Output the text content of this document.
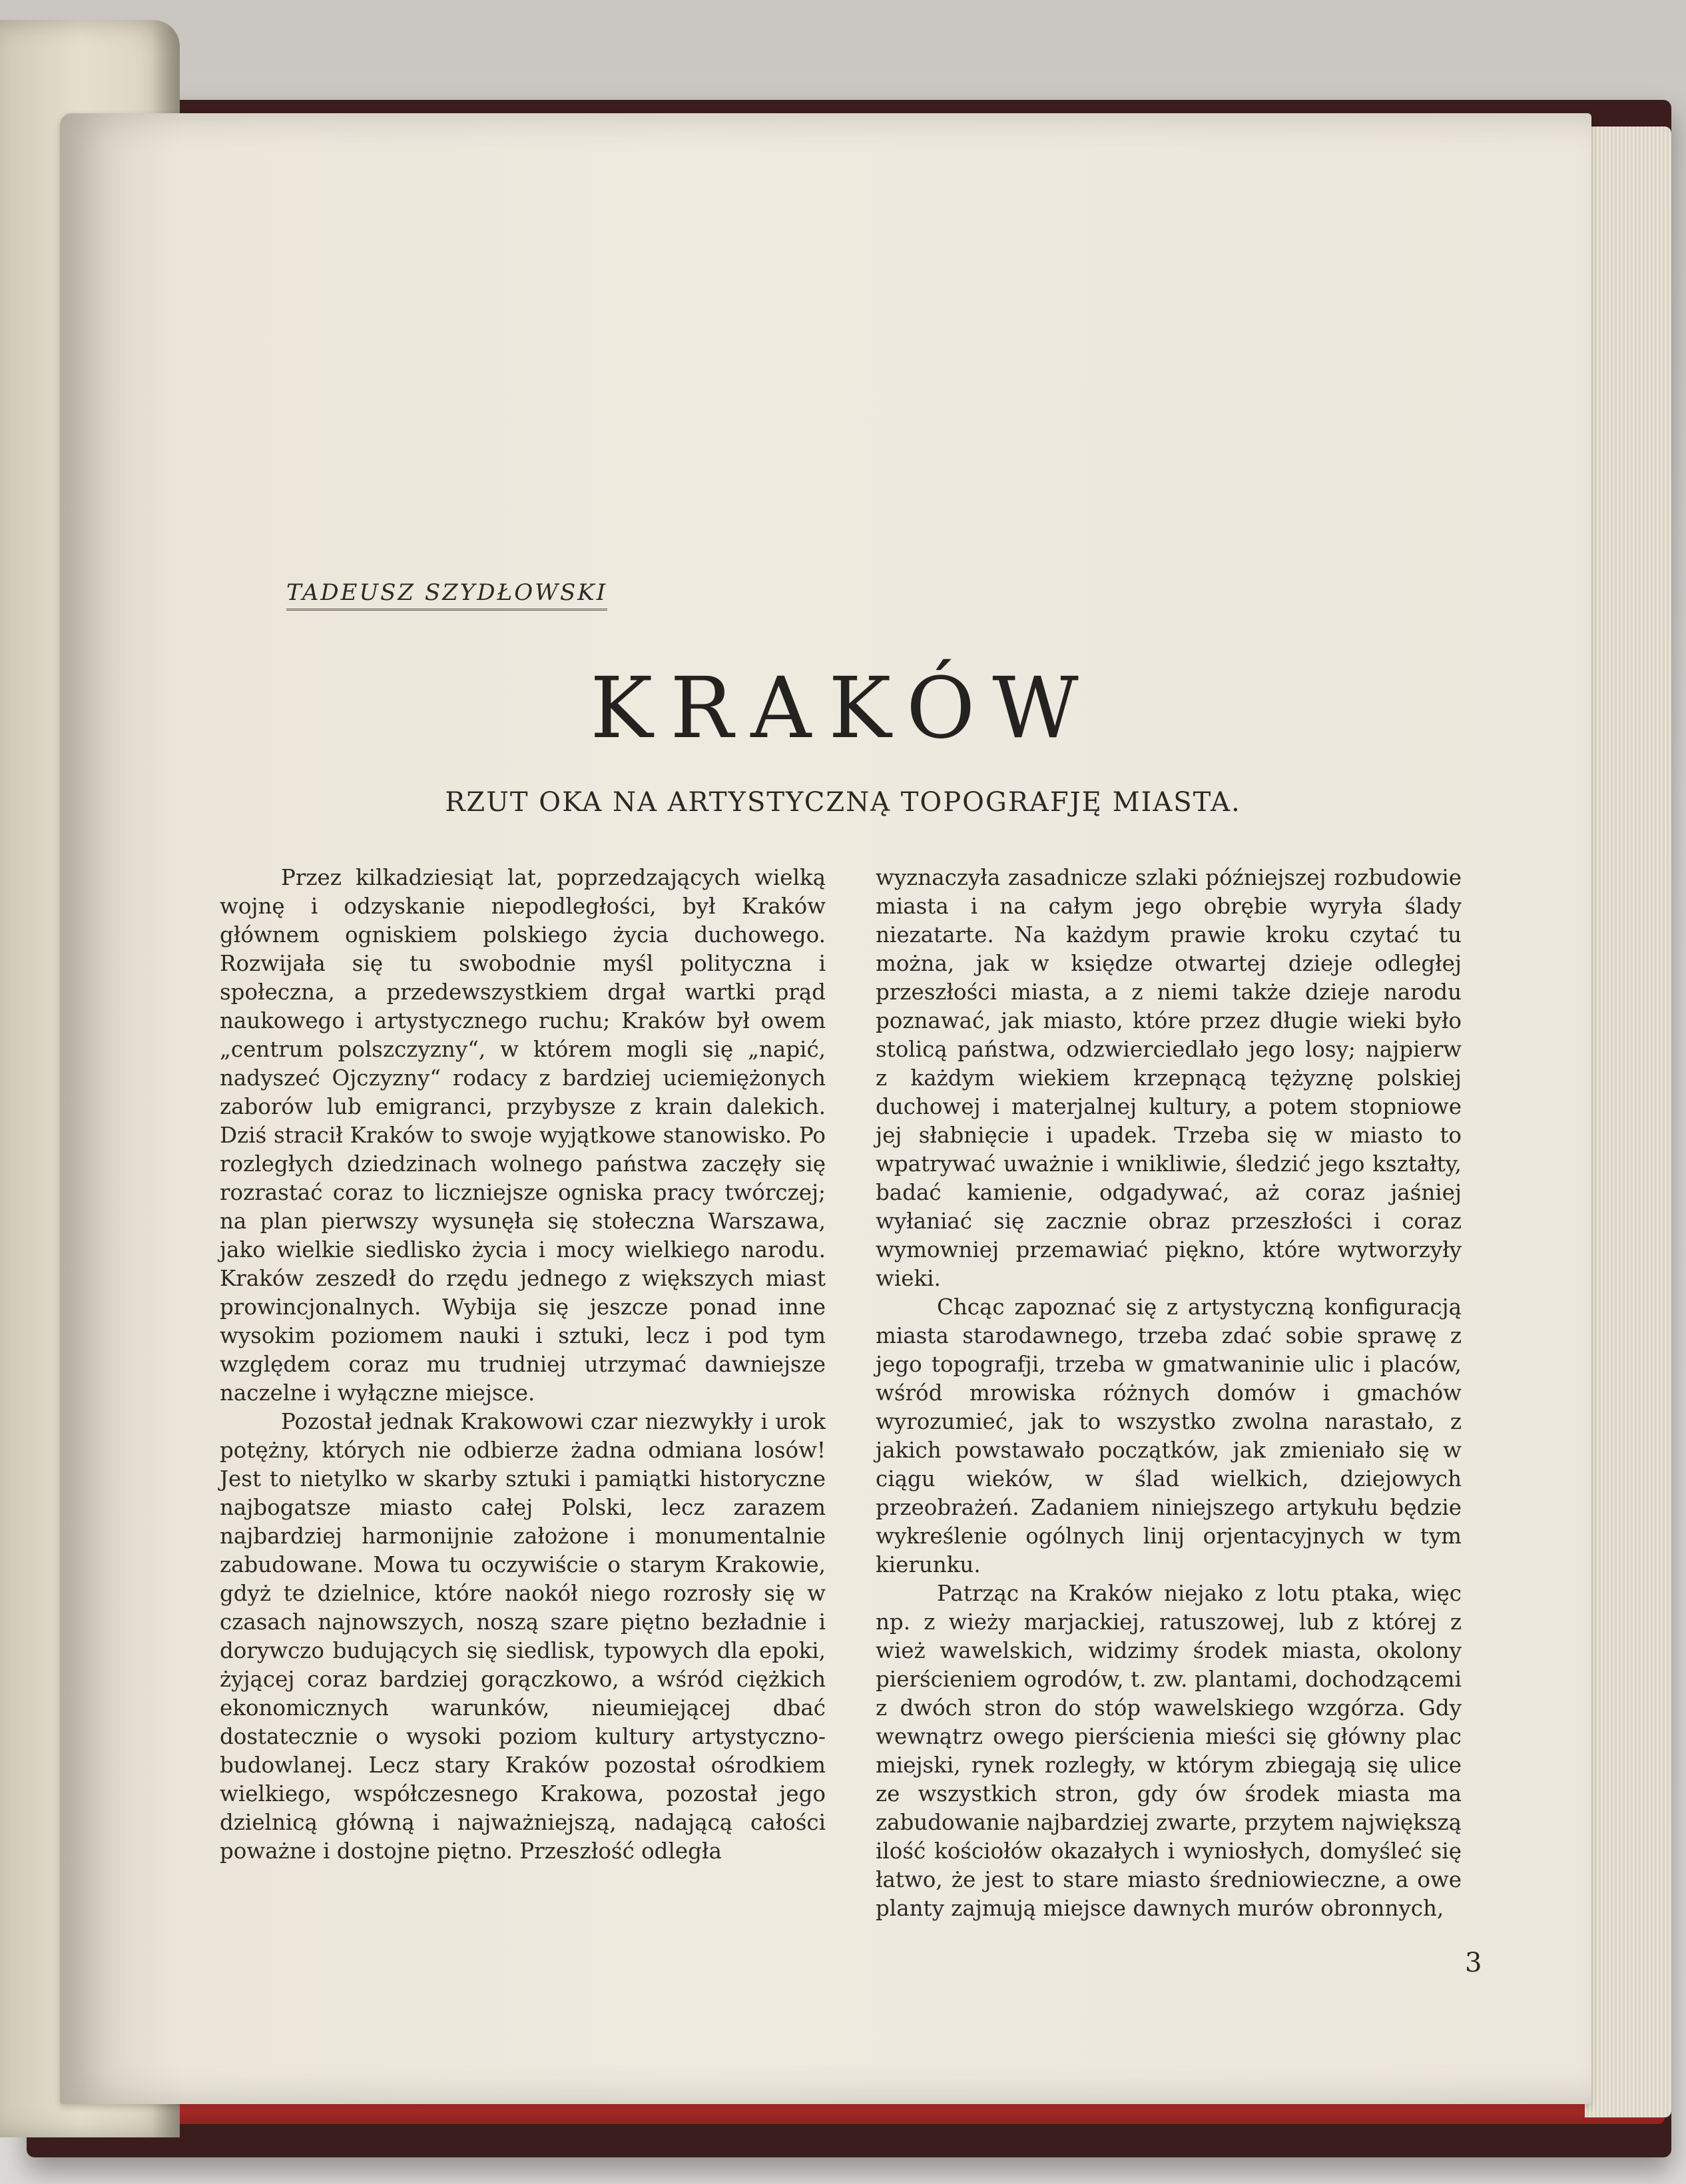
TADEUSZ SZYDŁOWSKI
KRAKÓW
RZUT OKA NA ARTYSTYCZNĄ TOPOGRAFJĘ MIASTA.

Przez kilkadziesiąt lat, poprzedzających wielką wojnę i odzyskanie niepodległości, był Kraków głównem ogniskiem polskiego życia duchowego. Rozwijała się tu swobodnie myśl polityczna i społeczna, a przedewszystkiem drgał wartki prąd naukowego i artystycznego ruchu; Kraków był owem „centrum polszczyzny“, w którem mogli się „napić, nadyszeć Ojczyzny“ rodacy z bardziej uciemiężonych zaborów lub emigranci, przybysze z krain dalekich. Dziś stracił Kraków to swoje wyjątkowe stanowisko. Po rozległych dziedzinach wolnego państwa zaczęły się rozrastać coraz to liczniejsze ogniska pracy twórczej; na plan pierwszy wysunęła się stołeczna Warszawa, jako wielkie siedlisko życia i mocy wielkiego narodu. Kraków zeszedł do rzędu jednego z większych miast prowincjonalnych. Wybija się jeszcze ponad inne wysokim poziomem nauki i sztuki, lecz i pod tym względem coraz mu trudniej utrzymać dawniejsze naczelne i wyłączne miejsce.

Pozostał jednak Krakowowi czar niezwykły i urok potężny, których nie odbierze żadna odmiana losów! Jest to nietylko w skarby sztuki i pamiątki historyczne najbogatsze miasto całej Polski, lecz zarazem najbardziej harmonijnie założone i monumentalnie zabudowane. Mowa tu oczywiście o starym Krakowie, gdyż te dzielnice, które naokół niego rozrosły się w czasach najnowszych, noszą szare piętno bezładnie i dorywczo budujących się siedlisk, typowych dla epoki, żyjącej coraz bardziej gorączkowo, a wśród ciężkich ekonomicznych warunków, nieumiejącej dbać dostatecznie o wysoki poziom kultury artystyczno-budowlanej. Lecz stary Kraków pozostał ośrodkiem wielkiego, współczesnego Krakowa, pozostał jego dzielnicą główną i najważniejszą, nadającą całości poważne i dostojne piętno. Przeszłość odległa

wyznaczyła zasadnicze szlaki późniejszej rozbudowie miasta i na całym jego obrębie wyryła ślady niezatarte. Na każdym prawie kroku czytać tu można, jak w księdze otwartej dzieje odległej przeszłości miasta, a z niemi także dzieje narodu poznawać, jak miasto, które przez długie wieki było stolicą państwa, odzwierciedlało jego losy; najpierw z każdym wiekiem krzepnącą tężyznę polskiej duchowej i materjalnej kultury, a potem stopniowe jej słabnięcie i upadek. Trzeba się w miasto to wpatrywać uważnie i wnikliwie, śledzić jego kształty, badać kamienie, odgadywać, aż coraz jaśniej wyłaniać się zacznie obraz przeszłości i coraz wymowniej przemawiać piękno, które wytworzyły wieki.

Chcąc zapoznać się z artystyczną konfiguracją miasta starodawnego, trzeba zdać sobie sprawę z jego topografji, trzeba w gmatwaninie ulic i placów, wśród mrowiska różnych domów i gmachów wyrozumieć, jak to wszystko zwolna narastało, z jakich powstawało początków, jak zmieniało się w ciągu wieków, w ślad wielkich, dziejowych przeobrażeń. Zadaniem niniejszego artykułu będzie wykreślenie ogólnych linij orjentacyjnych w tym kierunku.

Patrząc na Kraków niejako z lotu ptaka, więc np. z wieży marjackiej, ratuszowej, lub z której z wież wawelskich, widzimy środek miasta, okolony pierścieniem ogrodów, t. zw. plantami, dochodzącemi z dwóch stron do stóp wawelskiego wzgórza. Gdy wewnątrz owego pierścienia mieści się główny plac miejski, rynek rozległy, w którym zbiegają się ulice ze wszystkich stron, gdy ów środek miasta ma zabudowanie najbardziej zwarte, przytem największą ilość kościołów okazałych i wyniosłych, domyśleć się łatwo, że jest to stare miasto średniowieczne, a owe planty zajmują miejsce dawnych murów obronnych,

3
